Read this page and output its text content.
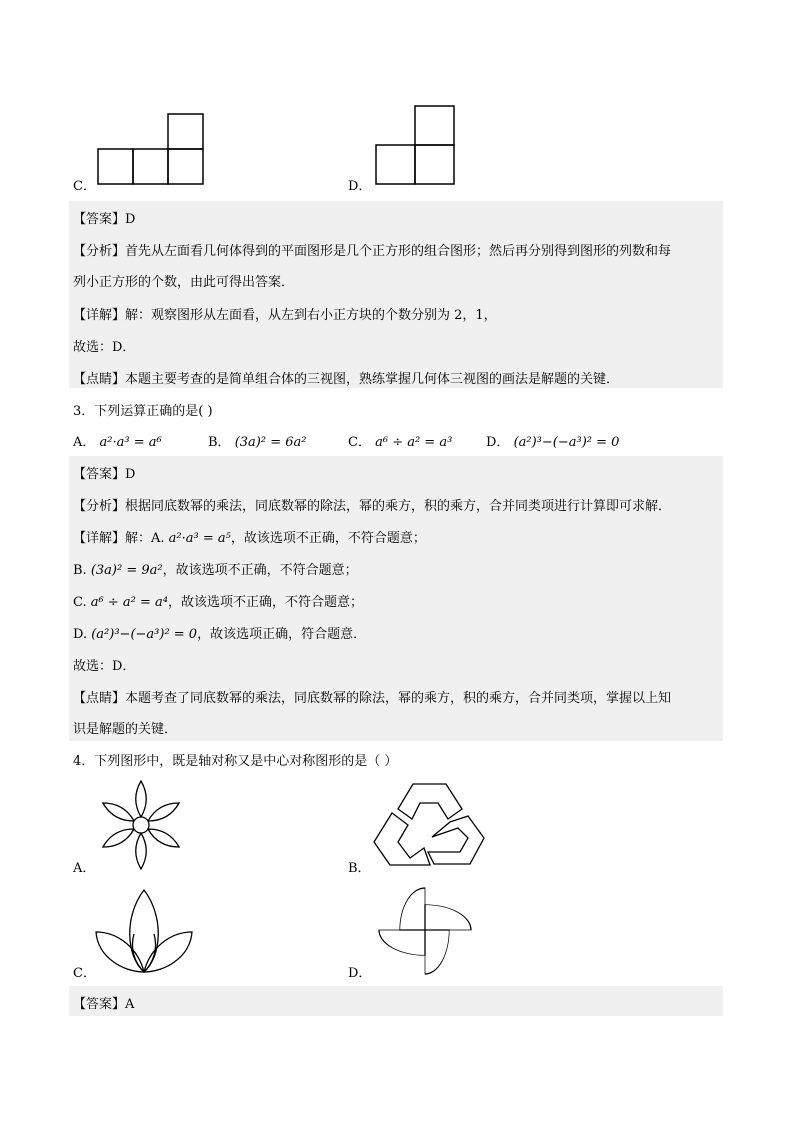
C．	D．
【答案】D
【分析】首先从左面看几何体得到的平面图形是几个正方形的组合图形；然后再分别得到图形的列数和每
列小正方形的个数，由此可得出答案．
【详解】解：观察图形从左面看，从左到右小正方块的个数分别为 2，1，
故选：D．
【点睛】本题主要考查的是简单组合体的三视图，熟练掌握几何体三视图的画法是解题的关键．
3．下列运算正确的是( )
A． a²·a³ = a⁶	B． (3a)² = 6a²	C． a⁶ ÷ a² = a³	D． (a²)³−(−a³)² = 0
【答案】D
【分析】根据同底数幂的乘法，同底数幂的除法，幂的乘方，积的乘方，合并同类项进行计算即可求解．
【详解】解：A. a²·a³ = a⁵，故该选项不正确，不符合题意；
B. (3a)² = 9a²，故该选项不正确，不符合题意；
C. a⁶ ÷ a² = a⁴，故该选项不正确，不符合题意；
D. (a²)³−(−a³)² = 0，故该选项正确，符合题意．
故选：D．
【点睛】本题考查了同底数幂的乘法，同底数幂的除法，幂的乘方，积的乘方，合并同类项，掌握以上知
识是解题的关键．
4．下列图形中，既是轴对称又是中心对称图形的是（ ）
A．	B．
C．	D．
【答案】A
